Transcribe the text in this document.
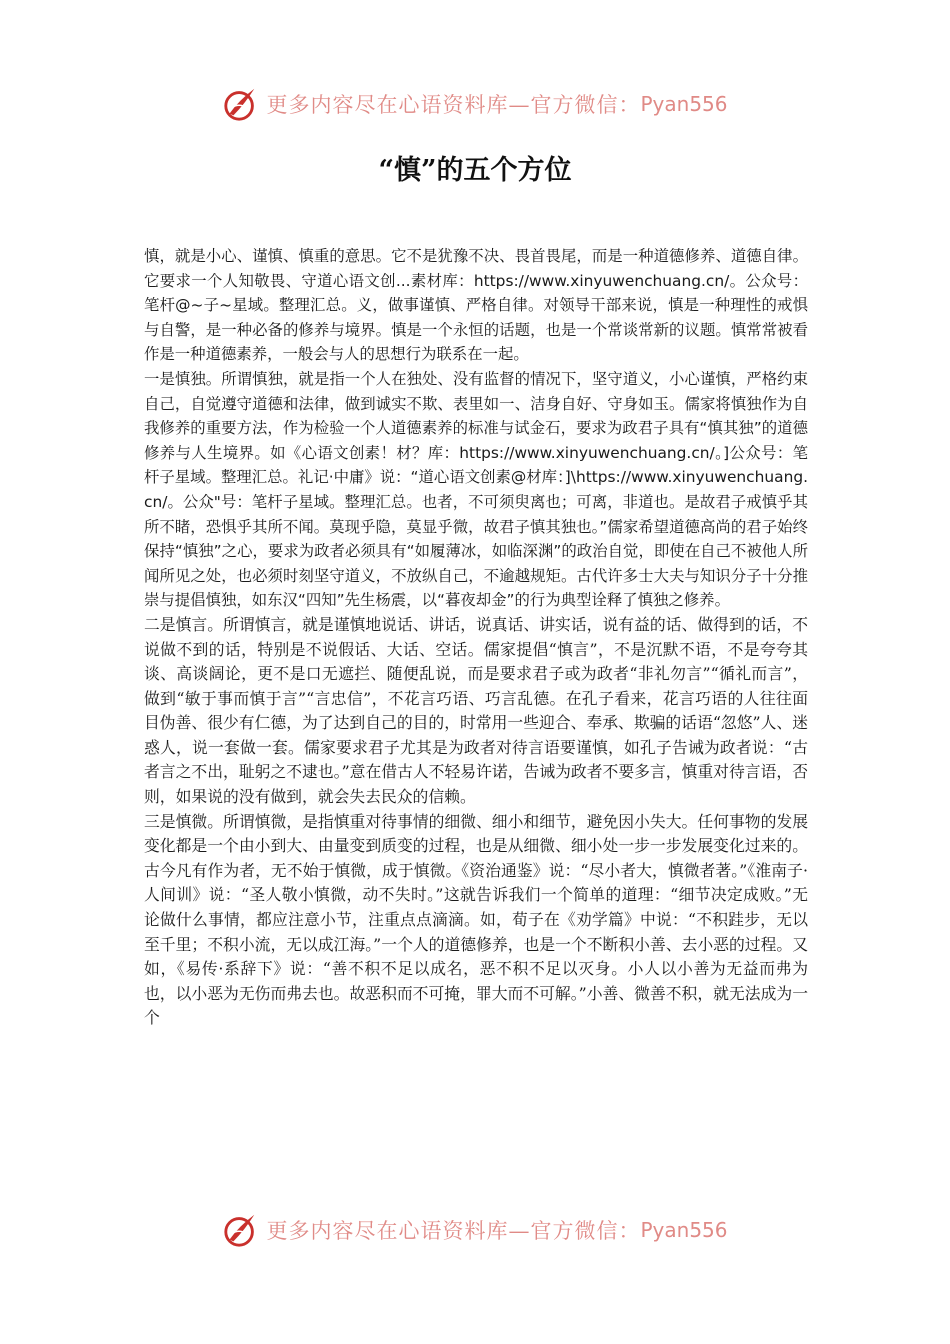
更多内容尽在心语资料库—官方微信： Pyan556
“慎”的五个方位

慎，就是小心、谨慎、慎重的意思。它不是犹豫不决、畏首畏尾，而是一种道德修养、道德自律。它要求一个人知敬畏、守道心语文创...素材库：https://www.xinyuwenchuang.cn/。公众号：笔杆@~子~星域。整理汇总。义，做事谨慎、严格自律。对领导干部来说，慎是一种理性的戒惧与自警，是一种必备的修养与境界。慎是一个永恒的话题，也是一个常谈常新的议题。慎常常被看作是一种道德素养，一般会与人的思想行为联系在一起。

一是慎独。所谓慎独，就是指一个人在独处、没有监督的情况下，坚守道义，小心谨慎，严格约束自己，自觉遵守道德和法律，做到诚实不欺、表里如一、洁身自好、守身如玉。儒家将慎独作为自我修养的重要方法，作为检验一个人道德素养的标准与试金石，要求为政君子具有“慎其独”的道德修养与人生境界。如《心语文创素！材？库：https://www.xinyuwenchuang.cn/。]公众号：笔杆子星域。整理汇总。礼记·中庸》说：“道心语文创素@材库：]\https://www.xinyuwenchuang.cn/。公众"号：笔杆子星域。整理汇总。也者，不可须臾离也；可离，非道也。是故君子戒慎乎其所不睹，恐惧乎其所不闻。莫现乎隐，莫显乎微，故君子慎其独也。”儒家希望道德高尚的君子始终保持“慎独”之心，要求为政者必须具有“如履薄冰，如临深渊”的政治自觉，即使在自己不被他人所闻所见之处，也必须时刻坚守道义，不放纵自己，不逾越规矩。古代许多士大夫与知识分子十分推崇与提倡慎独，如东汉“四知”先生杨震，以“暮夜却金”的行为典型诠释了慎独之修养。

二是慎言。所谓慎言，就是谨慎地说话、讲话，说真话、讲实话，说有益的话、做得到的话，不说做不到的话，特别是不说假话、大话、空话。儒家提倡“慎言”，不是沉默不语，不是夸夸其谈、高谈阔论，更不是口无遮拦、随便乱说，而是要求君子或为政者“非礼勿言”“循礼而言”，做到“敏于事而慎于言”“言忠信”，不花言巧语、巧言乱德。在孔子看来，花言巧语的人往往面目伪善、很少有仁德，为了达到自己的目的，时常用一些迎合、奉承、欺骗的话语“忽悠”人、迷惑人，说一套做一套。儒家要求君子尤其是为政者对待言语要谨慎，如孔子告诫为政者说：“古者言之不出，耻躬之不逮也。”意在借古人不轻易许诺，告诫为政者不要多言，慎重对待言语，否则，如果说的没有做到，就会失去民众的信赖。

三是慎微。所谓慎微，是指慎重对待事情的细微、细小和细节，避免因小失大。任何事物的发展变化都是一个由小到大、由量变到质变的过程，也是从细微、细小处一步一步发展变化过来的。古今凡有作为者，无不始于慎微，成于慎微。《资治通鉴》说：“尽小者大，慎微者著。”《淮南子·人间训》说：“圣人敬小慎微，动不失时。”这就告诉我们一个简单的道理：“细节决定成败。”无论做什么事情，都应注意小节，注重点点滴滴。如，荀子在《劝学篇》中说：“不积跬步，无以至千里；不积小流，无以成江海。”一个人的道德修养，也是一个不断积小善、去小恶的过程。又如，《易传·系辞下》说：“善不积不足以成名，恶不积不足以灭身。小人以小善为无益而弗为也，以小恶为无伤而弗去也。故恶积而不可掩，罪大而不可解。”小善、微善不积，就无法成为一个

更多内容尽在心语资料库—官方微信： Pyan556
